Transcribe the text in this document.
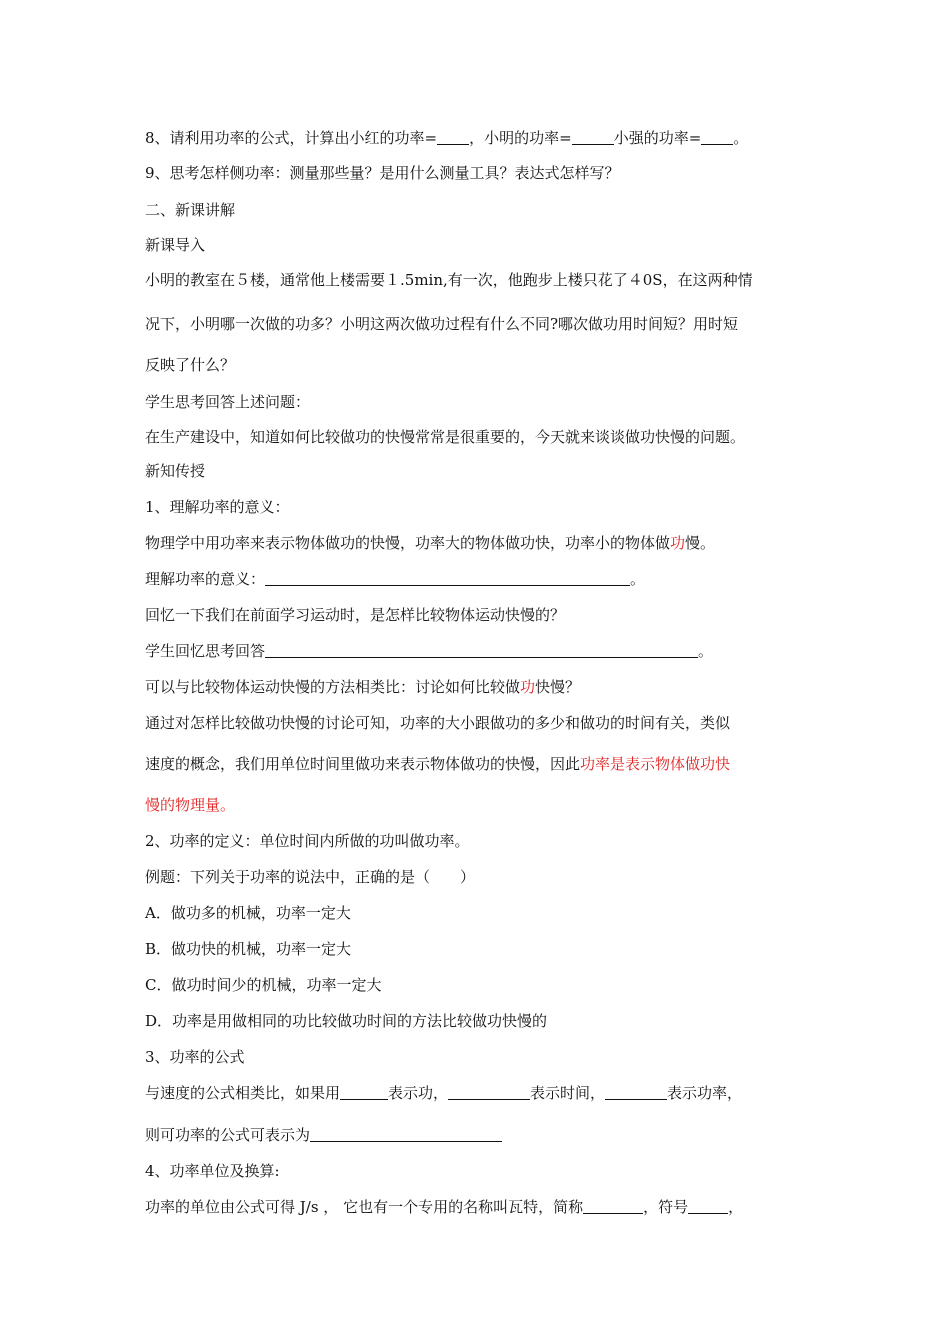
8、请利用功率的公式，计算出小红的功率= ，小明的功率=	小强的功率= 。
9、思考怎样侧功率：测量那些量？是用什么测量工具？表达式怎样写？
二、新课讲解
新课导入
小明的教室在５楼，通常他上楼需要１.5min,有一次，他跑步上楼只花了４0S，在这两种情
况下，小明哪一次做的功多？小明这两次做功过程有什么不同?哪次做功用时间短？用时短
反映了什么？
学生思考回答上述问题：
在生产建设中，知道如何比较做功的快慢常常是很重要的，今天就来谈谈做功快慢的问题。
新知传授
1、理解功率的意义：
物理学中用功率来表示物体做功的快慢，功率大的物体做功快，功率小的物体做功慢。
理解功率的意义：	。
回忆一下我们在前面学习运动时，是怎样比较物体运动快慢的？
学生回忆思考回答	。
可以与比较物体运动快慢的方法相类比：讨论如何比较做功快慢？
通过对怎样比较做功快慢的讨论可知，功率的大小跟做功的多少和做功的时间有关，类似
速度的概念，我们用单位时间里做功来表示物体做功的快慢，因此功率是表示物体做功快
慢的物理量。
2、功率的定义：单位时间内所做的功叫做功率。
例题：下列关于功率的说法中，正确的是（　　）
A．做功多的机械，功率一定大
B．做功快的机械，功率一定大
C．做功时间少的机械，功率一定大
D．功率是用做相同的功比较做功时间的方法比较做功快慢的
3、功率的公式
与速度的公式相类比，如果用	表示功，	表示时间，	表示功率，
则可功率的公式可表示为
4、功率单位及换算:
功率的单位由公式可得 J/s ， 它也有一个专用的名称叫瓦特，简称	，符号	，
